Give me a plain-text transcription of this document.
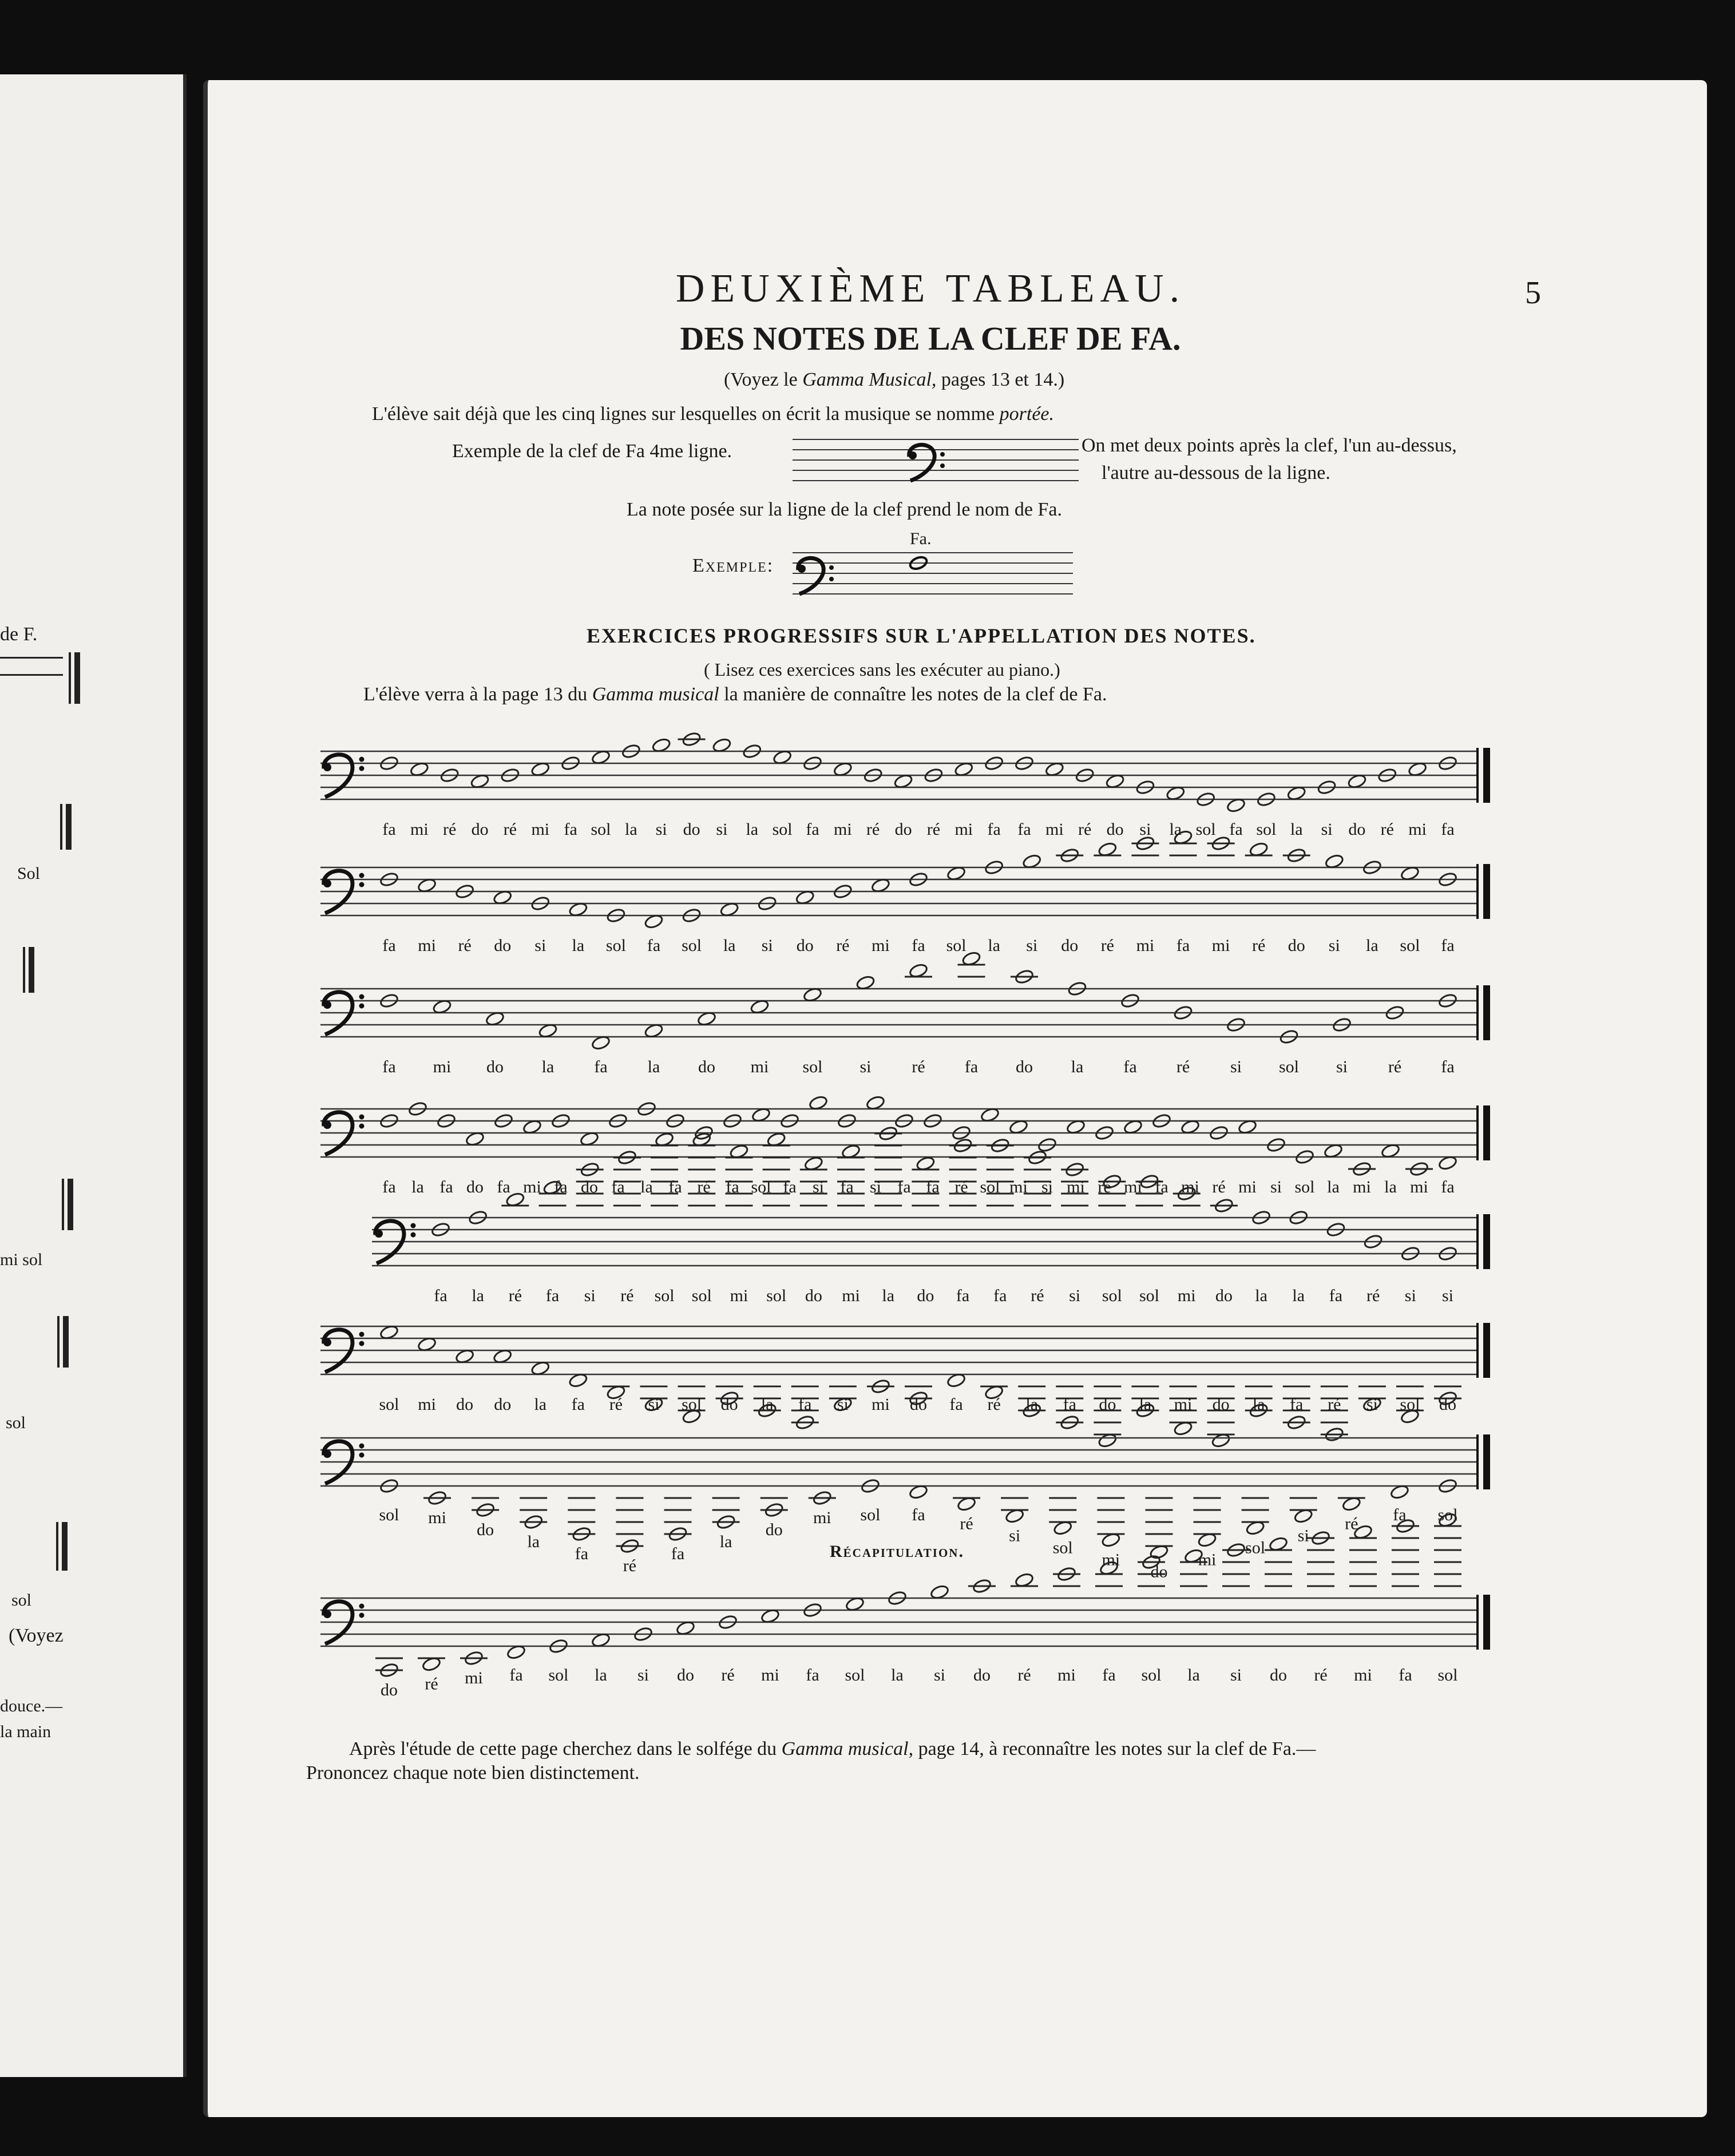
de F.
Sol
mi sol
sol
sol
(Voyez
douce.—
la main
5
DEUXIÈME TABLEAU.
DES NOTES DE LA CLEF DE FA.
(Voyez le Gamma Musical, pages 13 et 14.)
L'élève sait déjà que les cinq lignes sur lesquelles on écrit la musique se nomme portée.
Exemple de la clef de Fa 4me ligne.	On met deux points après la clef, l'un au-dessus,
l'autre au-dessous de la ligne.
La note posée sur la ligne de la clef prend le nom de Fa.
Fa.
Exemple:
EXERCICES PROGRESSIFS SUR L'APPELLATION DES NOTES.
( Lisez ces exercices sans les exécuter au piano.)
L'élève verra à la page 13 du Gamma musical la manière de connaître les notes de la clef de Fa.
fa mi ré do ré mi fa sol la si do si la sol fa mi ré do ré mi fa fa mi ré do si la sol fa sol la si do ré mi fa
fa mi ré do si la sol fa sol la si do ré mi fa sol la si do ré mi fa mi ré do si la sol fa
fa mi do la fa la do mi sol si ré fa do la fa ré si sol si ré fa
fa la fa do fa mi fa do fa la fa ré fa sol fa si fa si fa fa ré sol mi si mi ré mi fa mi ré mi si sol la mi la mi fa
fa la ré fa si ré sol sol mi sol do mi la do fa fa ré si sol sol mi do la la fa ré si si
sol mi do do la fa ré si sol do la fa si mi do fa ré la fa do la mi do la fa ré si sol do
sol mi
do
la
fa
ré
fa
la
do
mi sol fa ré
si
sol
mi
do
mi
sol
si
ré fa sol
do ré mi fa sol la si do ré mi fa sol la si do ré mi fa sol la si do ré mi fa sol
Récapitulation.
Après l'étude de cette page cherchez dans le solfége du Gamma musical, page 14, à reconnaître les notes sur la clef de Fa.—
Prononcez chaque note bien distinctement.
